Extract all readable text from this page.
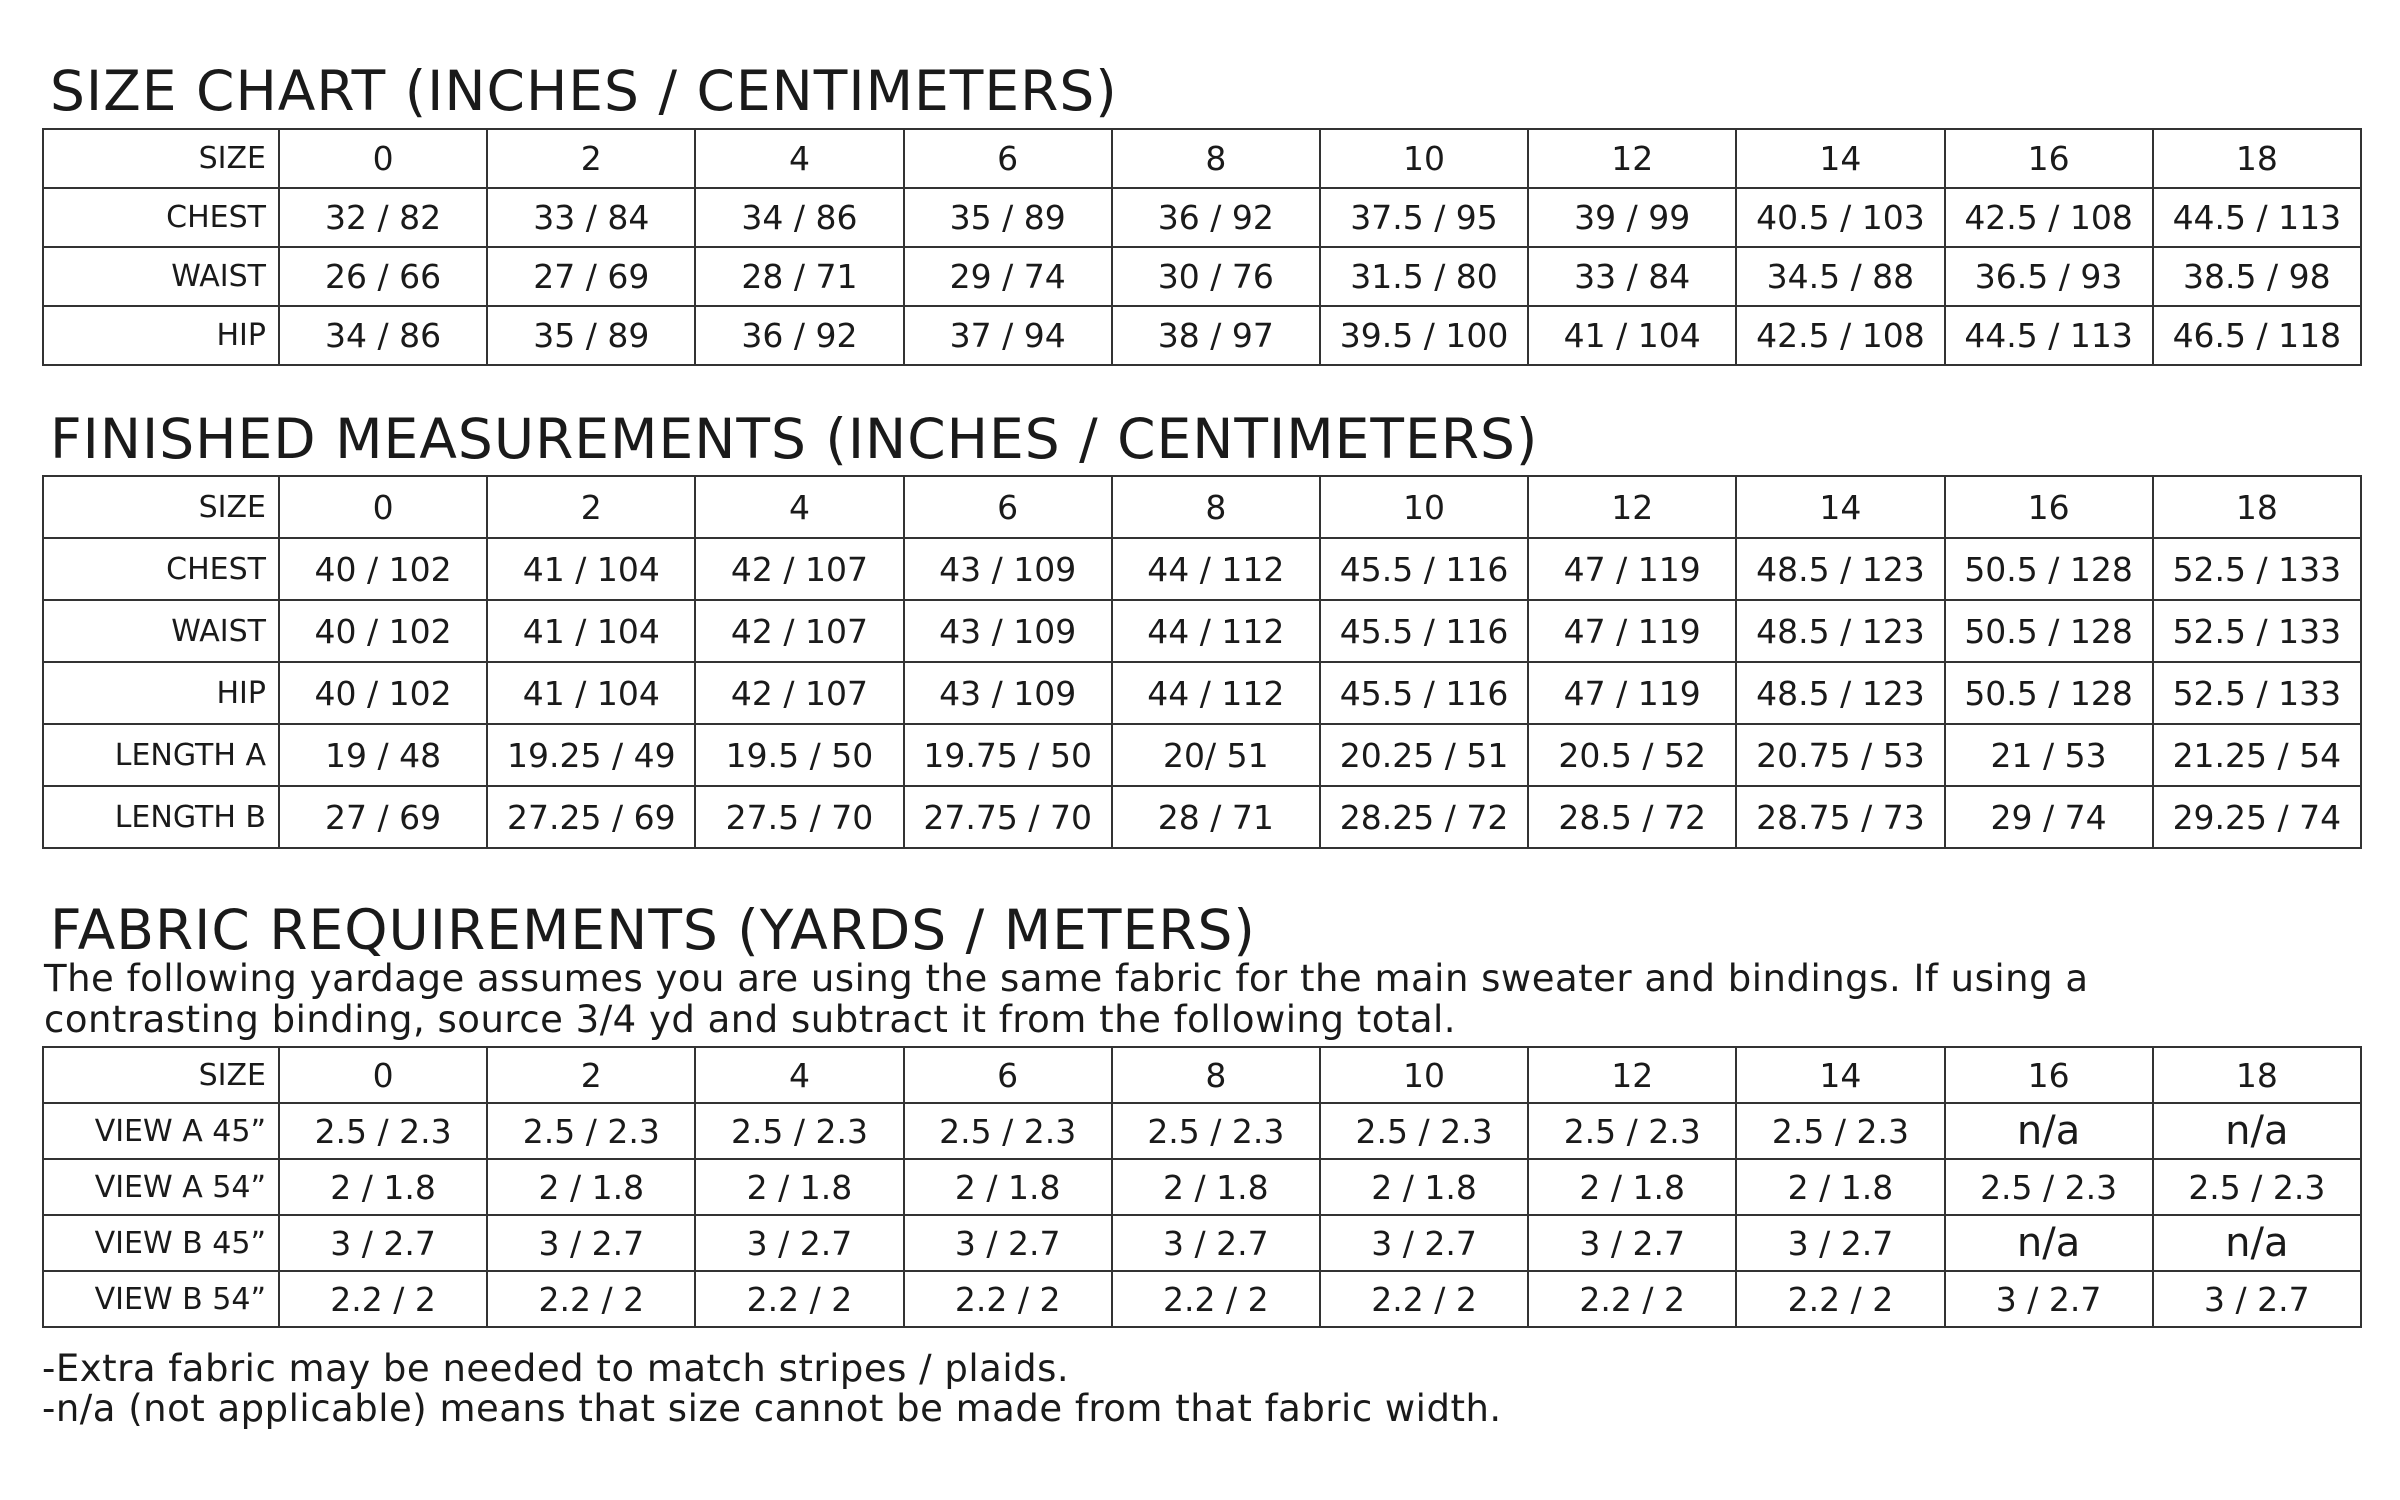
SIZE CHART (INCHES / CENTIMETERS)
SIZE	0	2	4	6	8	10	12	14	16	18
CHEST	32 / 82	33 / 84	34 / 86	35 / 89	36 / 92	37.5 / 95	39 / 99	40.5 / 103	42.5 / 108	44.5 / 113
WAIST	26 / 66	27 / 69	28 / 71	29 / 74	30 / 76	31.5 / 80	33 / 84	34.5 / 88	36.5 / 93	38.5 / 98
HIP	34 / 86	35 / 89	36 / 92	37 / 94	38 / 97	39.5 / 100	41 / 104	42.5 / 108	44.5 / 113	46.5 / 118
FINISHED MEASUREMENTS (INCHES / CENTIMETERS)
SIZE	0	2	4	6	8	10	12	14	16	18
CHEST	40 / 102	41 / 104	42 / 107	43 / 109	44 / 112	45.5 / 116	47 / 119	48.5 / 123	50.5 / 128	52.5 / 133
WAIST	40 / 102	41 / 104	42 / 107	43 / 109	44 / 112	45.5 / 116	47 / 119	48.5 / 123	50.5 / 128	52.5 / 133
HIP	40 / 102	41 / 104	42 / 107	43 / 109	44 / 112	45.5 / 116	47 / 119	48.5 / 123	50.5 / 128	52.5 / 133
LENGTH A	19 / 48	19.25 / 49	19.5 / 50	19.75 / 50	20/ 51	20.25 / 51	20.5 / 52	20.75 / 53	21 / 53	21.25 / 54
LENGTH B	27 / 69	27.25 / 69	27.5 / 70	27.75 / 70	28 / 71	28.25 / 72	28.5 / 72	28.75 / 73	29 / 74	29.25 / 74
FABRIC REQUIREMENTS (YARDS / METERS)

The following yardage assumes you are using the same fabric for the main sweater and bindings. If using a

contrasting binding, source 3/4 yd and subtract it from the following total.

SIZE	0	2	4	6	8	10	12	14	16	18
VIEW A 45”	2.5 / 2.3	2.5 / 2.3	2.5 / 2.3	2.5 / 2.3	2.5 / 2.3	2.5 / 2.3	2.5 / 2.3	2.5 / 2.3	n/a	n/a
VIEW A 54”	2 / 1.8	2 / 1.8	2 / 1.8	2 / 1.8	2 / 1.8	2 / 1.8	2 / 1.8	2 / 1.8	2.5 / 2.3	2.5 / 2.3
VIEW B 45”	3 / 2.7	3 / 2.7	3 / 2.7	3 / 2.7	3 / 2.7	3 / 2.7	3 / 2.7	3 / 2.7	n/a	n/a
VIEW B 54”	2.2 / 2	2.2 / 2	2.2 / 2	2.2 / 2	2.2 / 2	2.2 / 2	2.2 / 2	2.2 / 2	3 / 2.7	3 / 2.7

-Extra fabric may be needed to match stripes / plaids.

-n/a (not applicable) means that size cannot be made from that fabric width.
